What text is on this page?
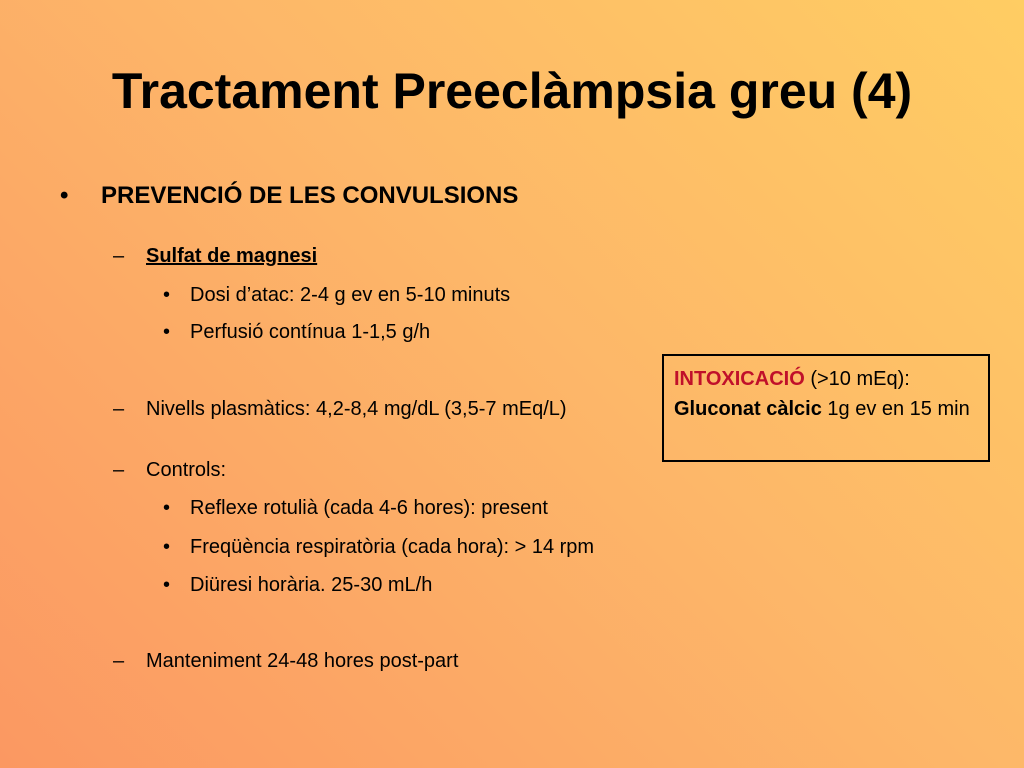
Tractament Preeclàmpsia greu (4)
• PREVENCIÓ DE LES CONVULSIONS
– Sulfat de magnesi
• Dosi d’atac: 2-4 g ev en 5-10 minuts
• Perfusió contínua 1-1,5 g/h
– Nivells plasmàtics: 4,2-8,4 mg/dL (3,5-7 mEq/L)
– Controls:
• Reflexe rotulià (cada 4-6 hores): present
• Freqüència respiratòria (cada hora): > 14 rpm
• Diüresi horària. 25-30 mL/h
– Manteniment 24-48 hores post-part
INTOXICACIÓ (>10 mEq):
Gluconat càlcic 1g ev en 15 min
